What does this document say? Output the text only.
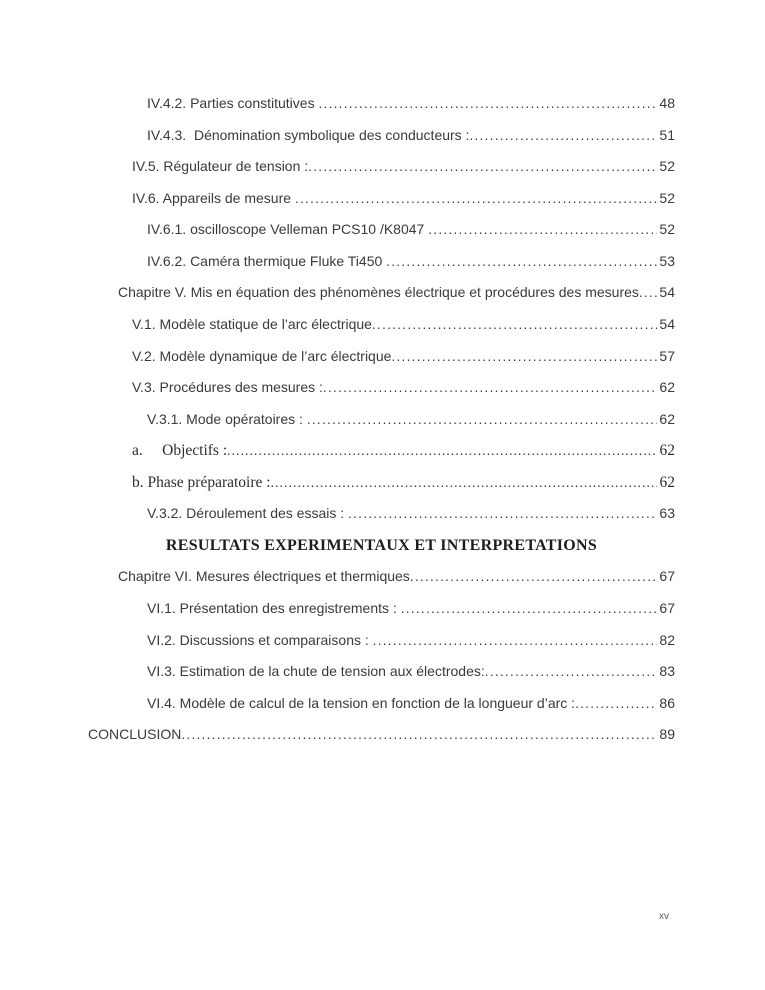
IV.4.2. Parties constitutives .....	48
IV.4.3.  Dénomination symbolique des conducteurs : .....	51
IV.5. Régulateur de tension : .....	52
IV.6. Appareils de mesure .....	52
IV.6.1. oscilloscope Velleman PCS10 /K8047 .....	52
IV.6.2. Caméra thermique Fluke Ti450 .....	53
Chapitre V. Mis en équation des phénomènes électrique et procédures des mesures ..... 54
V.1. Modèle statique de l’arc électrique .....	54
V.2. Modèle dynamique de l’arc électrique .....	57
V.3. Procédures des mesures : .....	62
V.3.1. Mode opératoires : .....	62
a.     Objectifs : .....	62
b. Phase préparatoire : .....	62
V.3.2. Déroulement des essais : .....	63
RESULTATS EXPERIMENTAUX ET INTERPRETATIONS
Chapitre VI. Mesures électriques et thermiques .....	67
VI.1. Présentation des enregistrements : .....	67
VI.2. Discussions et comparaisons : .....	82
VI.3. Estimation de la chute de tension aux électrodes: .....	83
VI.4. Modèle de calcul de la tension en fonction de la longueur d’arc : .....	86
CONCLUSION .....	89
xv
